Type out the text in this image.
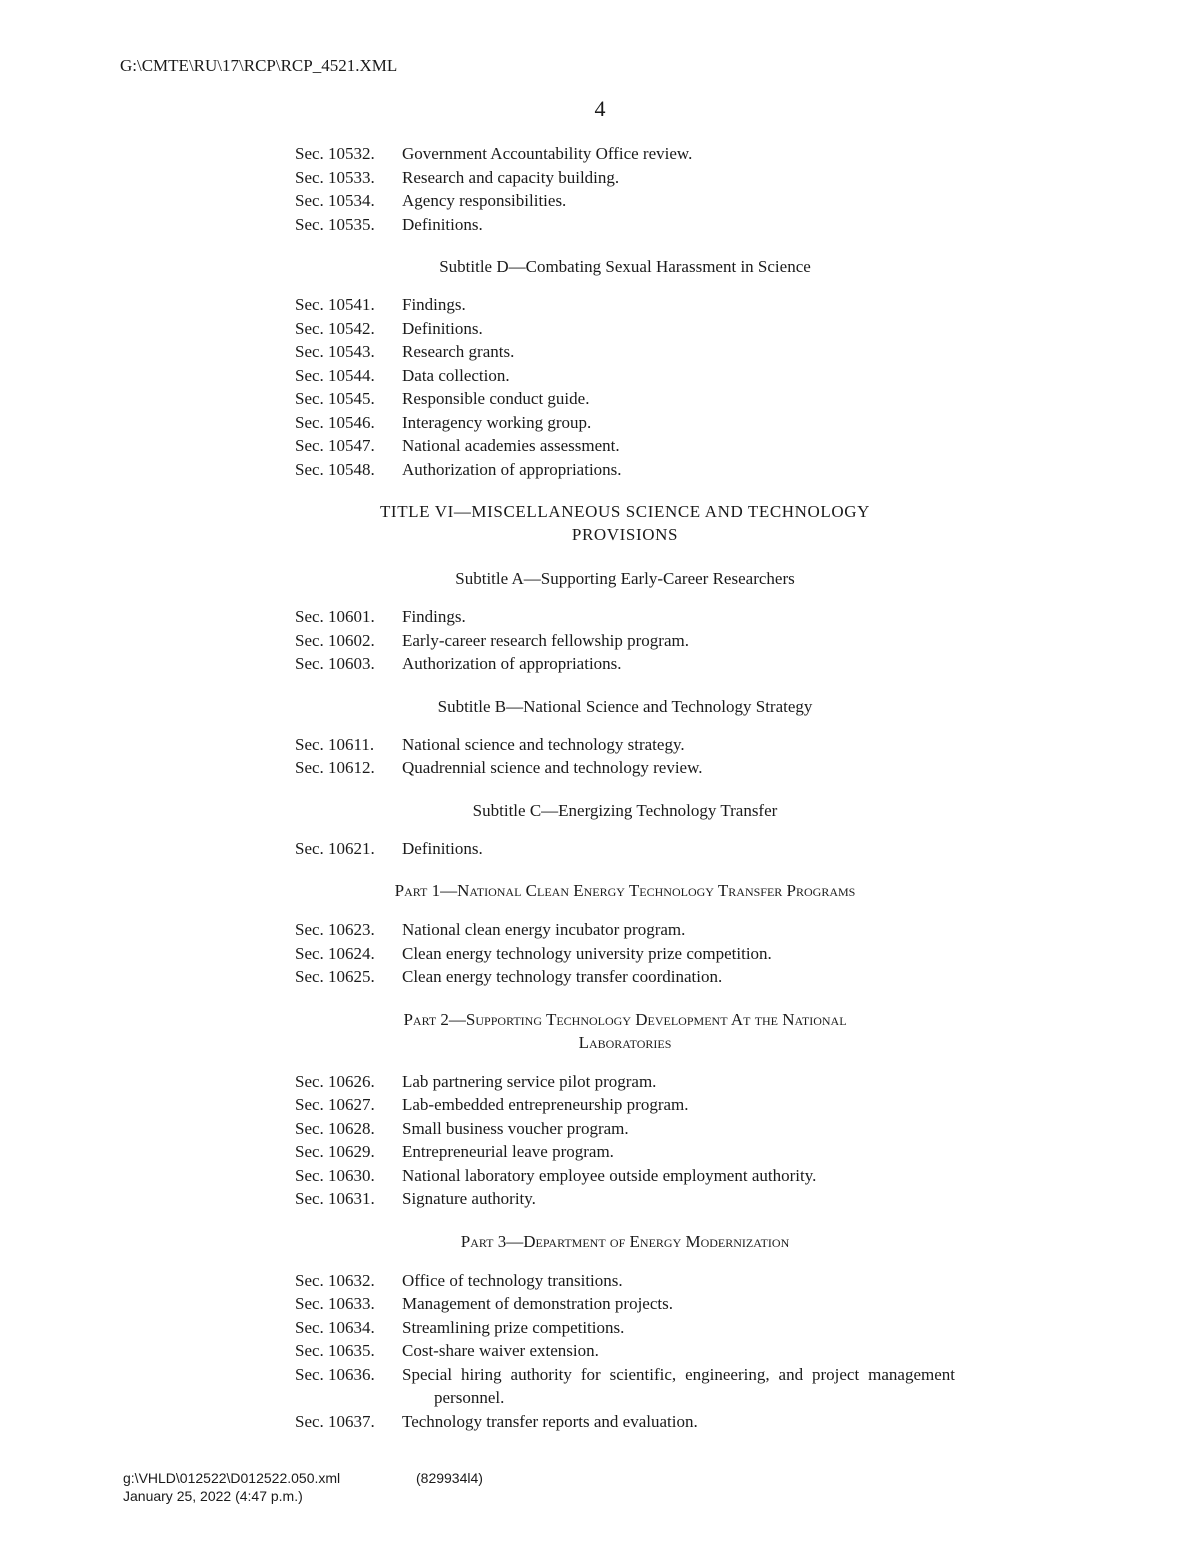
G:\CMTE\RU\17\RCP\RCP_4521.XML
4
Sec. 10532.	Government Accountability Office review.
Sec. 10533.	Research and capacity building.
Sec. 10534.	Agency responsibilities.
Sec. 10535.	Definitions.
Subtitle D—Combating Sexual Harassment in Science
Sec. 10541.	Findings.
Sec. 10542.	Definitions.
Sec. 10543.	Research grants.
Sec. 10544.	Data collection.
Sec. 10545.	Responsible conduct guide.
Sec. 10546.	Interagency working group.
Sec. 10547.	National academies assessment.
Sec. 10548.	Authorization of appropriations.
TITLE VI—MISCELLANEOUS SCIENCE AND TECHNOLOGY
PROVISIONS
Subtitle A—Supporting Early-Career Researchers
Sec. 10601.	Findings.
Sec. 10602.	Early-career research fellowship program.
Sec. 10603.	Authorization of appropriations.
Subtitle B—National Science and Technology Strategy
Sec. 10611.	National science and technology strategy.
Sec. 10612.	Quadrennial science and technology review.
Subtitle C—Energizing Technology Transfer
Sec. 10621.	Definitions.
Part 1—National Clean Energy Technology Transfer Programs
Sec. 10623.	National clean energy incubator program.
Sec. 10624.	Clean energy technology university prize competition.
Sec. 10625.	Clean energy technology transfer coordination.
Part 2—Supporting Technology Development At the National
Laboratories
Sec. 10626.	Lab partnering service pilot program.
Sec. 10627.	Lab-embedded entrepreneurship program.
Sec. 10628.	Small business voucher program.
Sec. 10629.	Entrepreneurial leave program.
Sec. 10630.	National laboratory employee outside employment authority.
Sec. 10631.	Signature authority.
Part 3—Department of Energy Modernization
Sec. 10632.	Office of technology transitions.
Sec. 10633.	Management of demonstration projects.
Sec. 10634.	Streamlining prize competitions.
Sec. 10635.	Cost-share waiver extension.
Sec. 10636.	Special hiring authority for scientific, engineering, and project management personnel.
Sec. 10637.	Technology transfer reports and evaluation.
g:\VHLD\012522\D012522.050.xml	(829934l4)
January 25, 2022 (4:47 p.m.)
